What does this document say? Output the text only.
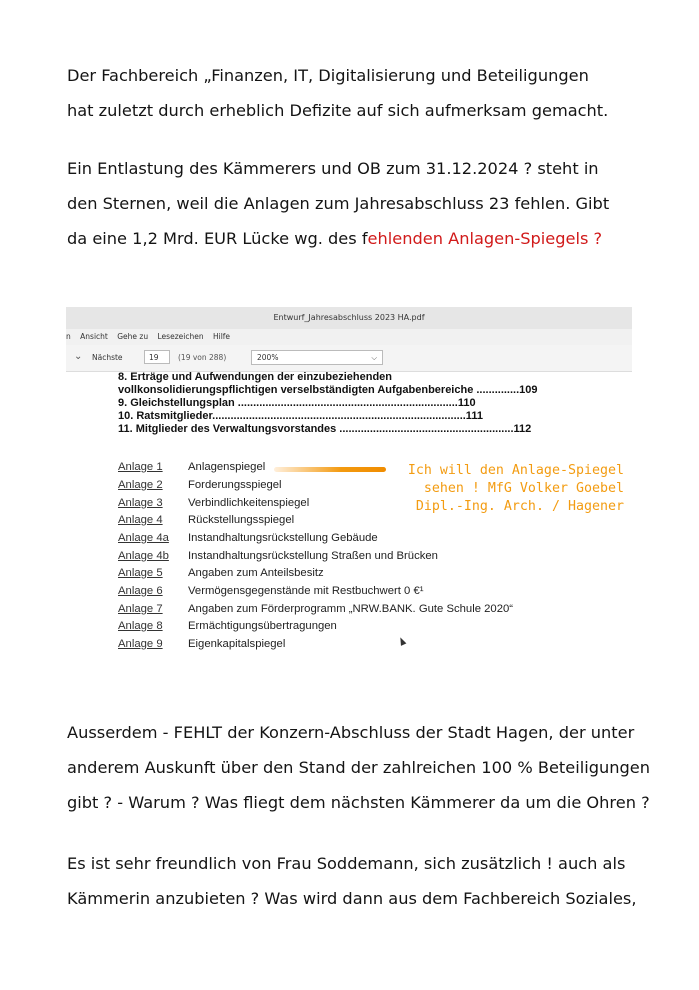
Der Fachbereich „Finanzen, IT, Digitalisierung und Beteiligungen
hat zuletzt durch erheblich Defizite auf sich aufmerksam gemacht.
Ein Entlastung des Kämmerers und OB zum 31.12.2024 ? steht in
den Sternen, weil die Anlagen zum Jahresabschluss 23 fehlen. Gibt
da eine 1,2 Mrd. EUR Lücke wg. des fehlenden Anlagen-Spiegels ?
Entwurf_Jahresabschluss 2023 HA.pdf
n Ansicht Gehe zu Lesezeichen Hilfe
⌄ Nächste	19	(19 von 288)	200%	⌵
8. Erträge und Aufwendungen der einzubeziehenden
vollkonsolidierungspflichtigen verselbständigten Aufgabenbereiche ..............109
9. Gleichstellungsplan ........................................................................110
10. Ratsmitglieder...................................................................................111
11. Mitglieder des Verwaltungsvorstandes .........................................................112
Anlage 1 Anlagenspiegel
Anlage 2 Forderungsspiegel
Anlage 3 Verbindlichkeitenspiegel
Anlage 4 Rückstellungsspiegel
Anlage 4a Instandhaltungsrückstellung Gebäude
Anlage 4b Instandhaltungsrückstellung Straßen und Brücken
Anlage 5 Angaben zum Anteilsbesitz
Anlage 6 Vermögensgegenstände mit Restbuchwert 0 €¹
Anlage 7 Angaben zum Förderprogramm „NRW.BANK. Gute Schule 2020“
Anlage 8 Ermächtigungsübertragungen
Anlage 9 Eigenkapitalspiegel
Ich will den Anlage-Spiegel
sehen ! MfG Volker Goebel
Dipl.-Ing. Arch. / Hagener
Ausserdem - FEHLT der Konzern-Abschluss der Stadt Hagen, der unter
anderem Auskunft über den Stand der zahlreichen 100 % Beteiligungen
gibt ? - Warum ? Was fliegt dem nächsten Kämmerer da um die Ohren ?
Es ist sehr freundlich von Frau Soddemann, sich zusätzlich ! auch als
Kämmerin anzubieten ? Was wird dann aus dem Fachbereich Soziales,
